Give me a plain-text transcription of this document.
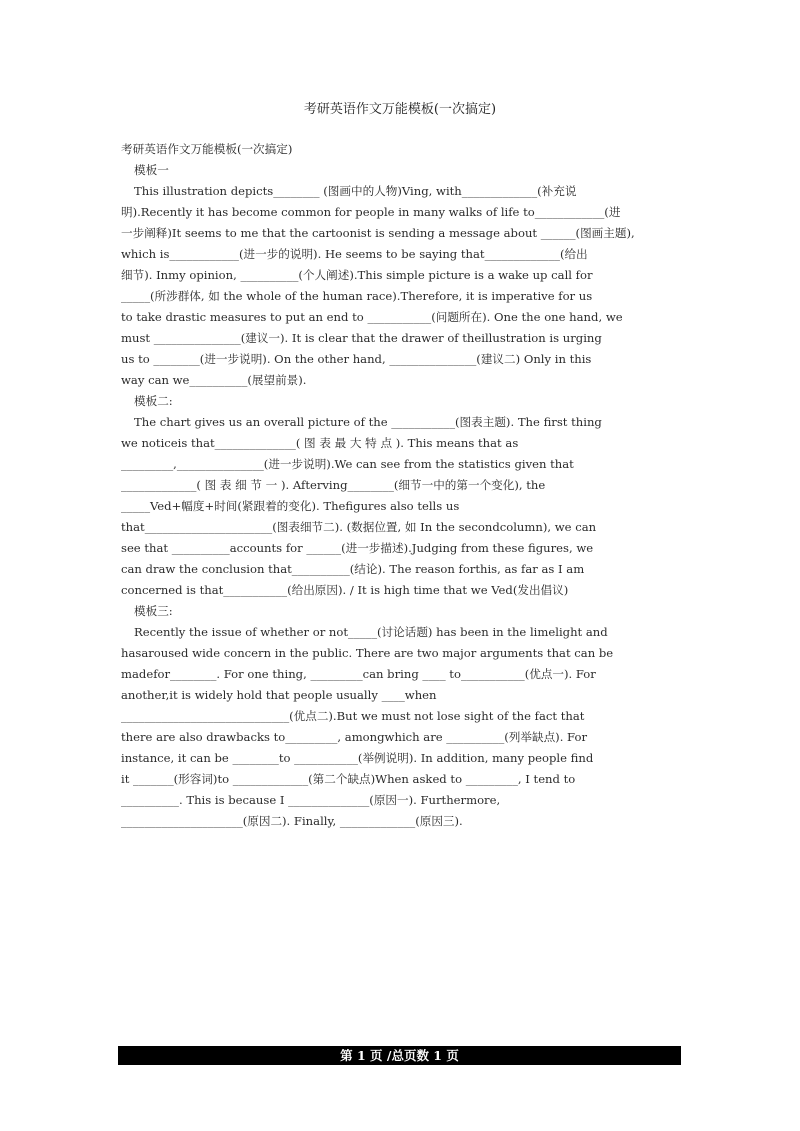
考研英语作文万能模板(一次搞定)
考研英语作文万能模板(一次搞定)
模板一
This illustration depicts________ (图画中的人物)Ving, with_____________(补充说
明).Recently it has become common for people in many walks of life to____________(进
一步阐释)It seems to me that the cartoonist is sending a message about ______(图画主题),
which is____________(进一步的说明). He seems to be saying that_____________(给出
细节). Inmy opinion, __________(个人阐述).This simple picture is a wake up call for
_____(所涉群体, 如 the whole of the human race).Therefore, it is imperative for us
to take drastic measures to put an end to ___________(问题所在). One the one hand, we
must _______________(建议一). It is clear that the drawer of theillustration is urging
us to ________(进一步说明). On the other hand, _______________(建议二) Only in this
way can we__________(展望前景).
模板二:
The chart gives us an overall picture of the ___________(图表主题). The first thing
we noticeis that______________( 图 表 最 大 特 点 ). This means that as
_________,_______________(进一步说明).We can see from the statistics given that
_____________( 图 表 细 节 一 ). Afterving________(细节一中的第一个变化), the
_____Ved+幅度+时间(紧跟着的变化). Thefigures also tells us
that______________________(图表细节二). (数据位置, 如 In the secondcolumn), we can
see that __________accounts for ______(进一步描述).Judging from these figures, we
can draw the conclusion that__________(结论). The reason forthis, as far as I am
concerned is that___________(给出原因). / It is high time that we Ved(发出倡议)
模板三:
Recently the issue of whether or not_____(讨论话题) has been in the limelight and
hasaroused wide concern in the public. There are two major arguments that can be
madefor________. For one thing, _________can bring ____ to___________(优点一). For
another,it is widely hold that people usually ____when
_____________________________(优点二).But we must not lose sight of the fact that
there are also drawbacks to_________, amongwhich are __________(列举缺点). For
instance, it can be ________to ___________(举例说明). In addition, many people find
it _______(形容词)to _____________(第二个缺点)When asked to _________, I tend to
__________. This is because I ______________(原因一). Furthermore,
_____________________(原因二). Finally, _____________(原因三).
第 1 页 /总页数 1 页
